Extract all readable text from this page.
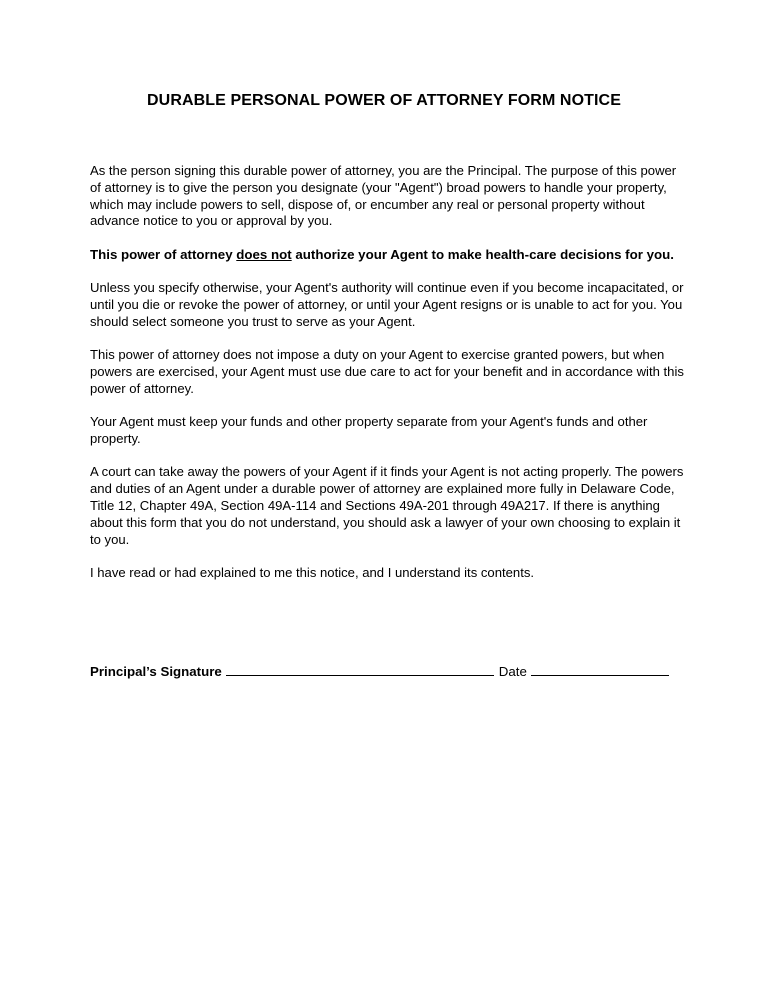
DURABLE PERSONAL POWER OF ATTORNEY FORM NOTICE

As the person signing this durable power of attorney, you are the Principal. The purpose of this power of attorney is to give the person you designate (your "Agent") broad powers to handle your property, which may include powers to sell, dispose of, or encumber any real or personal property without advance notice to you or approval by you.

This power of attorney does not authorize your Agent to make health-care decisions for you.

Unless you specify otherwise, your Agent's authority will continue even if you become incapacitated, or until you die or revoke the power of attorney, or until your Agent resigns or is unable to act for you. You should select someone you trust to serve as your Agent.

This power of attorney does not impose a duty on your Agent to exercise granted powers, but when powers are exercised, your Agent must use due care to act for your benefit and in accordance with this power of attorney.

Your Agent must keep your funds and other property separate from your Agent's funds and other property.

A court can take away the powers of your Agent if it finds your Agent is not acting properly. The powers and duties of an Agent under a durable power of attorney are explained more fully in Delaware Code, Title 12, Chapter 49A, Section 49A-114 and Sections 49A-201 through 49A217. If there is anything about this form that you do not understand, you should ask a lawyer of your own choosing to explain it to you.

I have read or had explained to me this notice, and I understand its contents.

Principal’s Signature	Date
